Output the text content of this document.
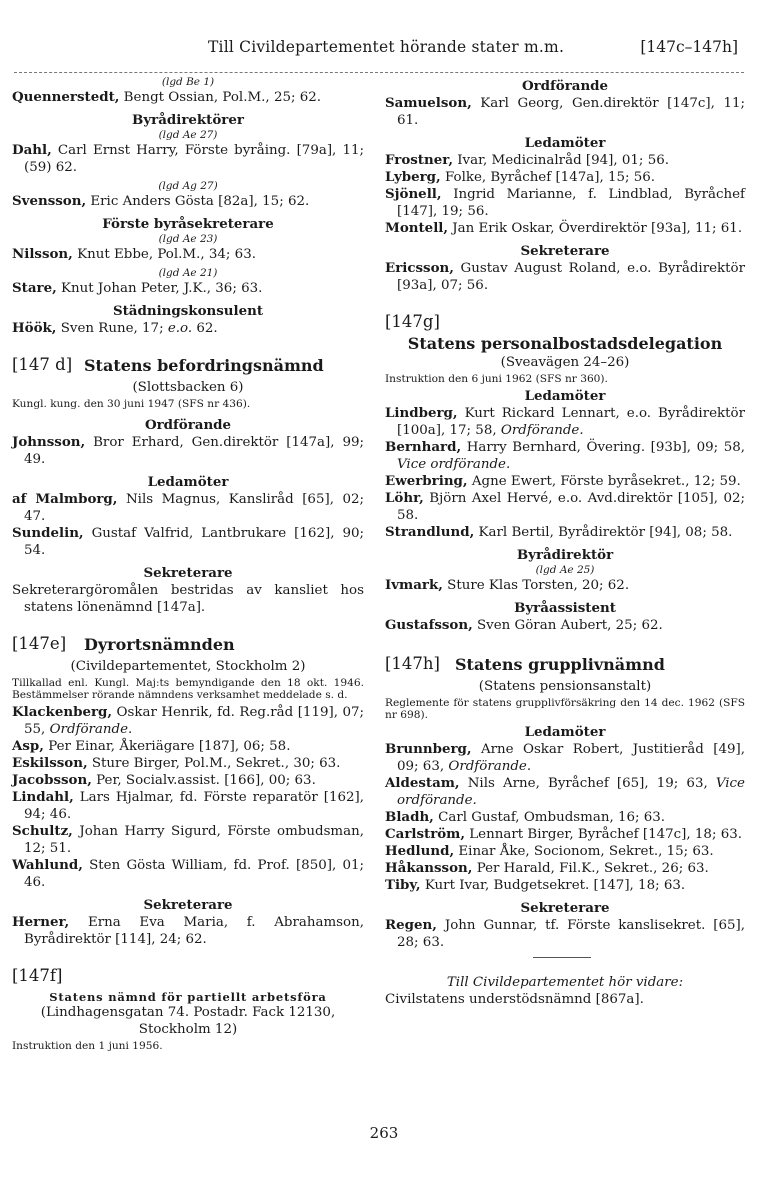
Till Civildepartementet hörande stater m.m.	[147c–147h]
(lgd Be 1)

Quennerstedt, Bengt Ossian, Pol.M., 25; 62.

Byrådirektörer
(lgd Ae 27)

Dahl, Carl Ernst Harry, Förste byråing. [79a], 11; (59) 62.

(lgd Ag 27)

Svensson, Eric Anders Gösta [82a], 15; 62.

Förste byråsekreterare
(lgd Ae 23)

Nilsson, Knut Ebbe, Pol.M., 34; 63.

(lgd Ae 21)

Stare, Knut Johan Peter, J.K., 36; 63.

Städningskonsulent

Höök, Sven Rune, 17; e.o. 62.

[147 d] Statens befordringsnämnd
(Slottsbacken 6)
Kungl. kung. den 30 juni 1947 (SFS nr 436).
Ordförande

Johnsson, Bror Erhard, Gen.direktör [147a], 99; 49.

Ledamöter

af Malmborg, Nils Magnus, Kansliråd [65], 02; 47.

Sundelin, Gustaf Valfrid, Lantbrukare [162], 90; 54.

Sekreterare

Sekreterargöromålen bestridas av kansliet hos statens lönenämnd [147a].

[147e] Dyrortsnämnden
(Civildepartementet, Stockholm 2)
Tillkallad enl. Kungl. Maj:ts bemyndigande den 18 okt. 1946. Bestämmelser rörande nämndens verksamhet meddelade s. d.

Klackenberg, Oskar Henrik, fd. Reg.råd [119], 07; 55, Ordförande.

Asp, Per Einar, Åkeriägare [187], 06; 58.

Eskilsson, Sture Birger, Pol.M., Sekret., 30; 63.

Jacobsson, Per, Socialv.assist. [166], 00; 63.

Lindahl, Lars Hjalmar, fd. Förste reparatör [162], 94; 46.

Schultz, Johan Harry Sigurd, Förste ombudsman, 12; 51.

Wahlund, Sten Gösta William, fd. Prof. [850], 01; 46.

Sekreterare

Herner, Erna Eva Maria, f. Abrahamson, Byrådirektör [114], 24; 62.

[147f]
Statens nämnd för partiellt arbetsföra
(Lindhagensgatan 74. Postadr. Fack 12130, Stockholm 12)
Instruktion den 1 juni 1956.
Ordförande

Samuelson, Karl Georg, Gen.direktör [147c], 11; 61.

Ledamöter

Frostner, Ivar, Medicinalråd [94], 01; 56.

Lyberg, Folke, Byråchef [147a], 15; 56.

Sjönell, Ingrid Marianne, f. Lindblad, Byråchef [147], 19; 56.

Montell, Jan Erik Oskar, Överdirektör [93a], 11; 61.

Sekreterare

Ericsson, Gustav August Roland, e.o. Byrådirektör [93a], 07; 56.

[147g]
Statens personalbostadsdelegation
(Sveavägen 24–26)
Instruktion den 6 juni 1962 (SFS nr 360).
Ledamöter

Lindberg, Kurt Rickard Lennart, e.o. Byrådirektör [100a], 17; 58, Ordförande.

Bernhard, Harry Bernhard, Övering. [93b], 09; 58, Vice ordförande.

Ewerbring, Agne Ewert, Förste byråsekret., 12; 59.

Löhr, Björn Axel Hervé, e.o. Avd.direktör [105], 02; 58.

Strandlund, Karl Bertil, Byrådirektör [94], 08; 58.

Byrådirektör
(lgd Ae 25)

Ivmark, Sture Klas Torsten, 20; 62.

Byråassistent

Gustafsson, Sven Göran Aubert, 25; 62.

[147h] Statens grupplivnämnd
(Statens pensionsanstalt)
Reglemente för statens grupplivförsäkring den 14 dec. 1962 (SFS nr 698).
Ledamöter

Brunnberg, Arne Oskar Robert, Justitieråd [49], 09; 63, Ordförande.

Aldestam, Nils Arne, Byråchef [65], 19; 63, Vice ordförande.

Bladh, Carl Gustaf, Ombudsman, 16; 63.

Carlström, Lennart Birger, Byråchef [147c], 18; 63.

Hedlund, Einar Åke, Socionom, Sekret., 15; 63.

Håkansson, Per Harald, Fil.K., Sekret., 26; 63.

Tiby, Kurt Ivar, Budgetsekret. [147], 18; 63.

Sekreterare

Regen, John Gunnar, tf. Förste kanslisekret. [65], 28; 63.

Till Civildepartementet hör vidare:

Civilstatens understödsnämnd [867a].

263
